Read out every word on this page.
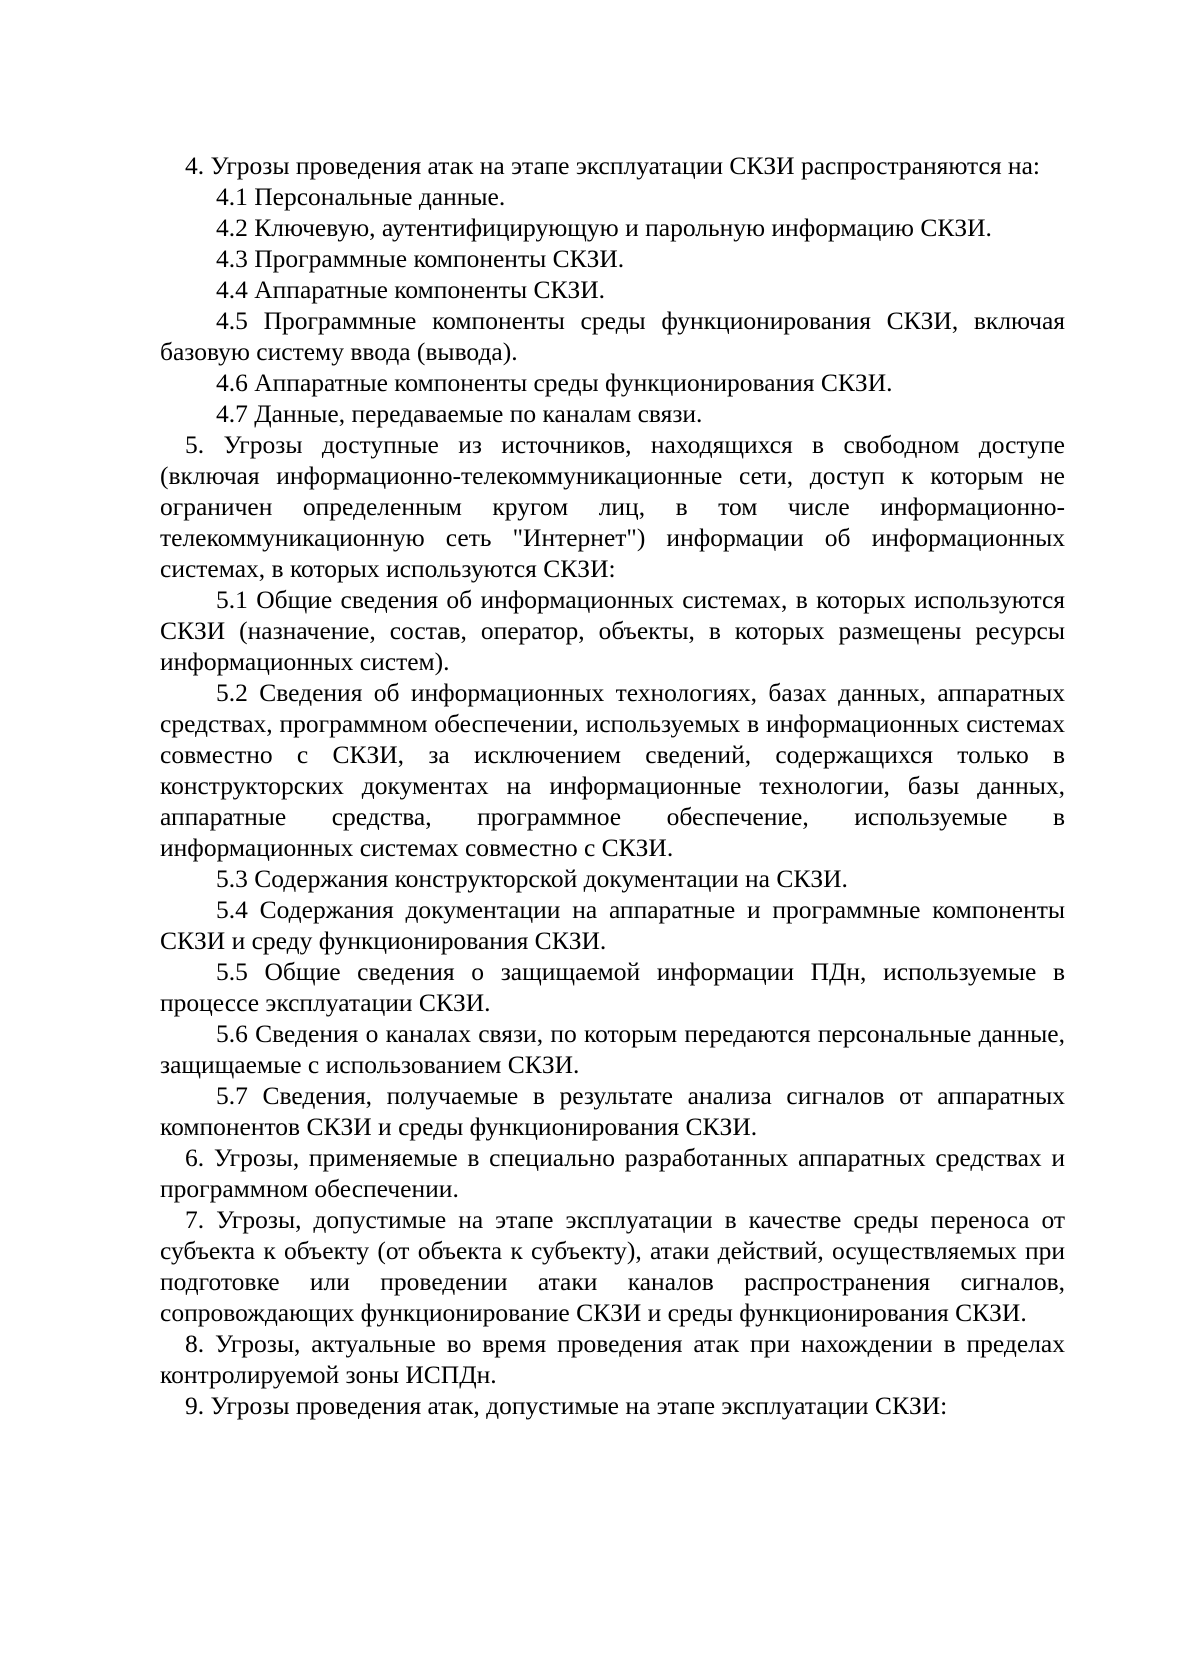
4. Угрозы проведения атак на этапе эксплуатации СКЗИ распространяются на:

4.1 Персональные данные.

4.2 Ключевую, аутентифицирующую и парольную информацию СКЗИ.

4.3 Программные компоненты СКЗИ.

4.4 Аппаратные компоненты СКЗИ.

4.5 Программные компоненты среды функционирования СКЗИ, включая базовую систему ввода (вывода).

4.6 Аппаратные компоненты среды функционирования СКЗИ.

4.7 Данные, передаваемые по каналам связи.

5. Угрозы доступные из источников, находящихся в свободном доступе (включая информационно-телекоммуникационные сети, доступ к которым не ограничен определенным кругом лиц, в том числе информационно-телекоммуникационную сеть "Интернет") информации об информационных системах, в которых используются СКЗИ:

5.1 Общие сведения об информационных системах, в которых используются СКЗИ (назначение, состав, оператор, объекты, в которых размещены ресурсы информационных систем).

5.2 Сведения об информационных технологиях, базах данных, аппаратных средствах, программном обеспечении, используемых в информационных системах совместно с СКЗИ, за исключением сведений, содержащихся только в конструкторских документах на информационные технологии, базы данных, аппаратные средства, программное обеспечение, используемые в информационных системах совместно с СКЗИ.

5.3 Содержания конструкторской документации на СКЗИ.

5.4 Содержания документации на аппаратные и программные компоненты СКЗИ и среду функционирования СКЗИ.

5.5 Общие сведения о защищаемой информации ПДн, используемые в процессе эксплуатации СКЗИ.

5.6 Сведения о каналах связи, по которым передаются персональные данные, защищаемые с использованием СКЗИ.

5.7 Сведения, получаемые в результате анализа сигналов от аппаратных компонентов СКЗИ и среды функционирования СКЗИ.

6. Угрозы, применяемые в специально разработанных аппаратных средствах и программном обеспечении.

7. Угрозы, допустимые на этапе эксплуатации в качестве среды переноса от субъекта к объекту (от объекта к субъекту), атаки действий, осуществляемых при подготовке или проведении атаки каналов распространения сигналов, сопровождающих функционирование СКЗИ и среды функционирования СКЗИ.

8. Угрозы, актуальные во время проведения атак при нахождении в пределах контролируемой зоны ИСПДн.

9. Угрозы проведения атак, допустимые на этапе эксплуатации СКЗИ:
